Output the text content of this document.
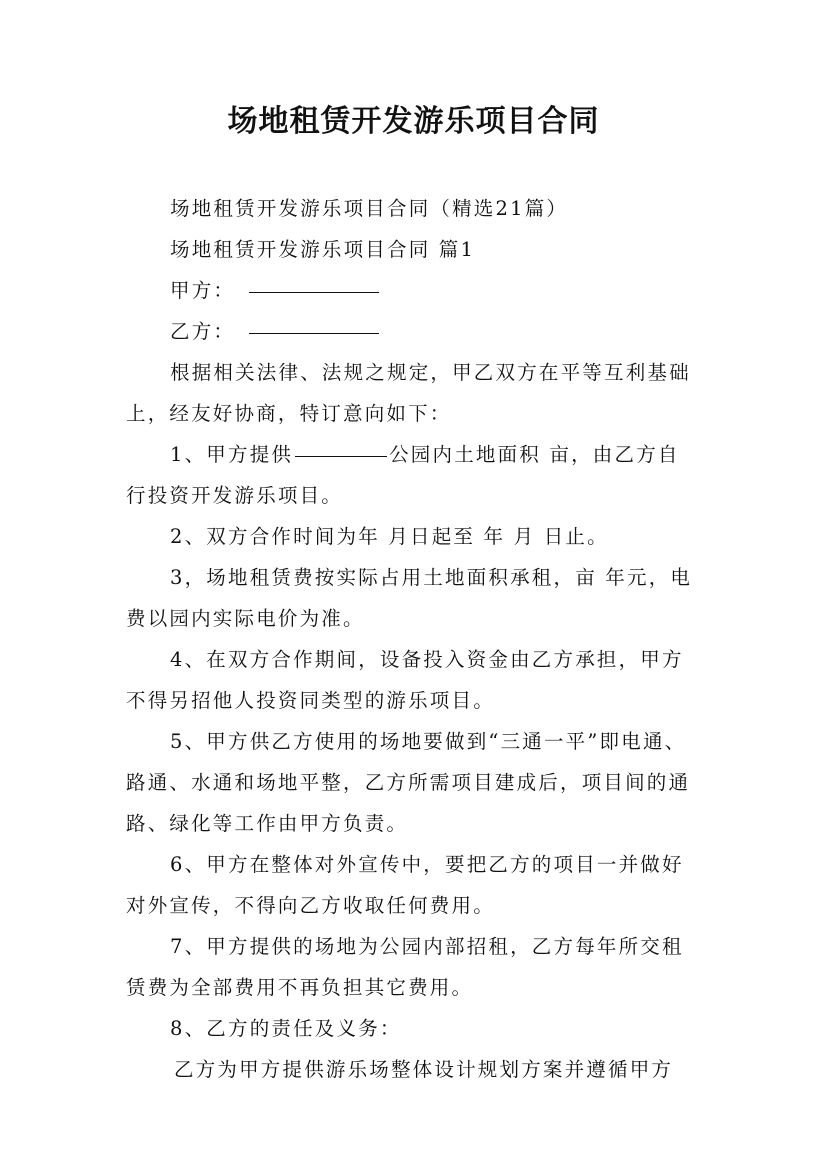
场地租赁开发游乐项目合同
场地租赁开发游乐项目合同（精选21篇）
场地租赁开发游乐项目合同 篇1
甲方：
乙方：
根据相关法律、法规之规定，甲乙双方在平等互利基础
上，经友好协商，特订意向如下：
1、甲方提供	公园内土地面积 亩，由乙方自
行投资开发游乐项目。
2、双方合作时间为年 月日起至 年 月 日止。
3，场地租赁费按实际占用土地面积承租，亩 年元，电
费以园内实际电价为准。
4、在双方合作期间，设备投入资金由乙方承担，甲方
不得另招他人投资同类型的游乐项目。
5、甲方供乙方使用的场地要做到“三通一平”即电通、
路通、水通和场地平整，乙方所需项目建成后，项目间的通
路、绿化等工作由甲方负责。
6、甲方在整体对外宣传中，要把乙方的项目一并做好
对外宣传，不得向乙方收取任何费用。
7、甲方提供的场地为公园内部招租，乙方每年所交租
赁费为全部费用不再负担其它费用。
8、乙方的责任及义务：
乙方为甲方提供游乐场整体设计规划方案并遵循甲方
